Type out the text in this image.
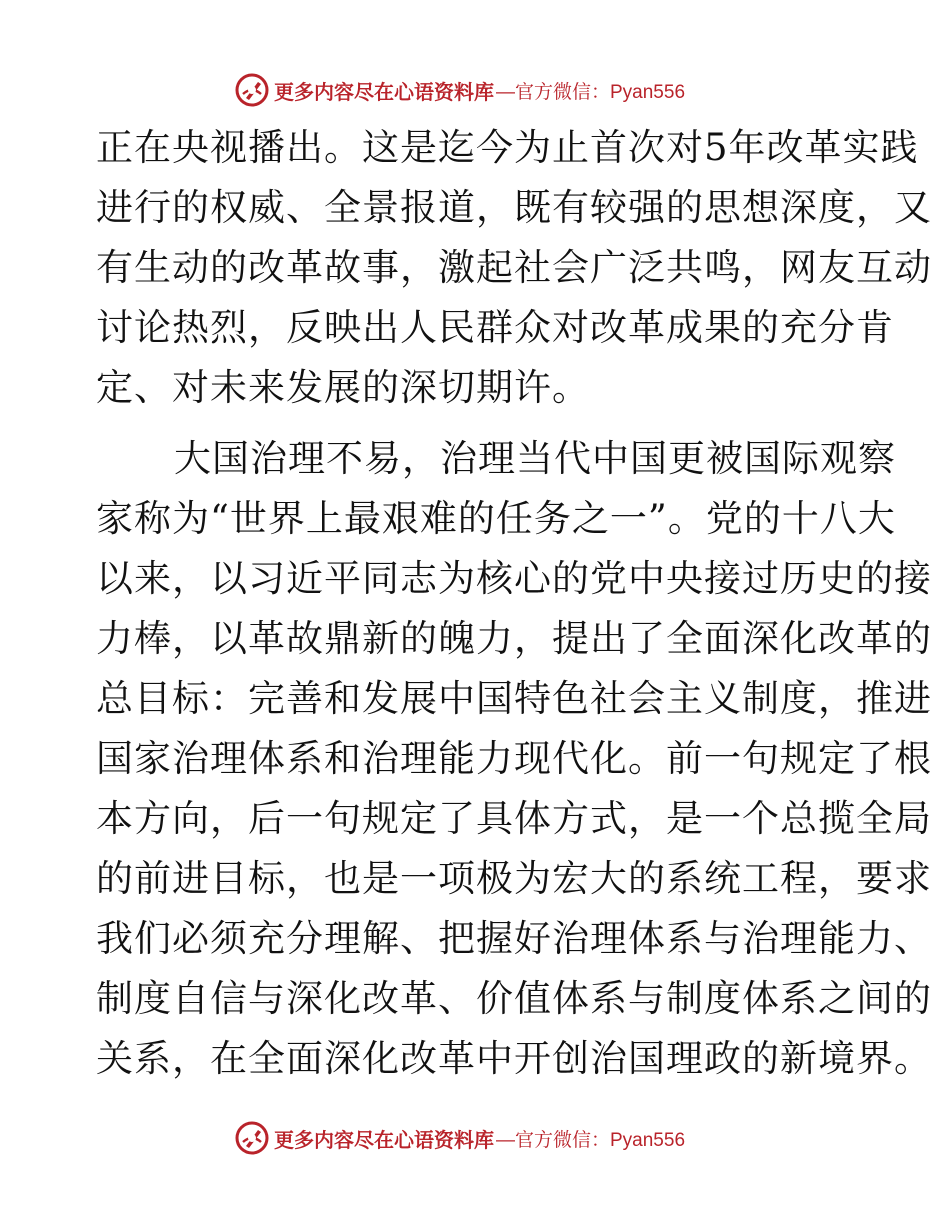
更多内容尽在心语资料库 —官方微信：Pyan556
正在央视播出。这是迄今为止首次对5年改革实践
进行的权威、全景报道，既有较强的思想深度，又
有生动的改革故事，激起社会广泛共鸣，网友互动
讨论热烈，反映出人民群众对改革成果的充分肯
定、对未来发展的深切期许。
大国治理不易，治理当代中国更被国际观察
家称为“世界上最艰难的任务之一”。党的十八大
以来，以习近平同志为核心的党中央接过历史的接
力棒，以革故鼎新的魄力，提出了全面深化改革的
总目标：完善和发展中国特色社会主义制度，推进
国家治理体系和治理能力现代化。前一句规定了根
本方向，后一句规定了具体方式，是一个总揽全局
的前进目标，也是一项极为宏大的系统工程，要求
我们必须充分理解、把握好治理体系与治理能力、
制度自信与深化改革、价值体系与制度体系之间的
关系，在全面深化改革中开创治国理政的新境界。
更多内容尽在心语资料库 —官方微信：Pyan556
